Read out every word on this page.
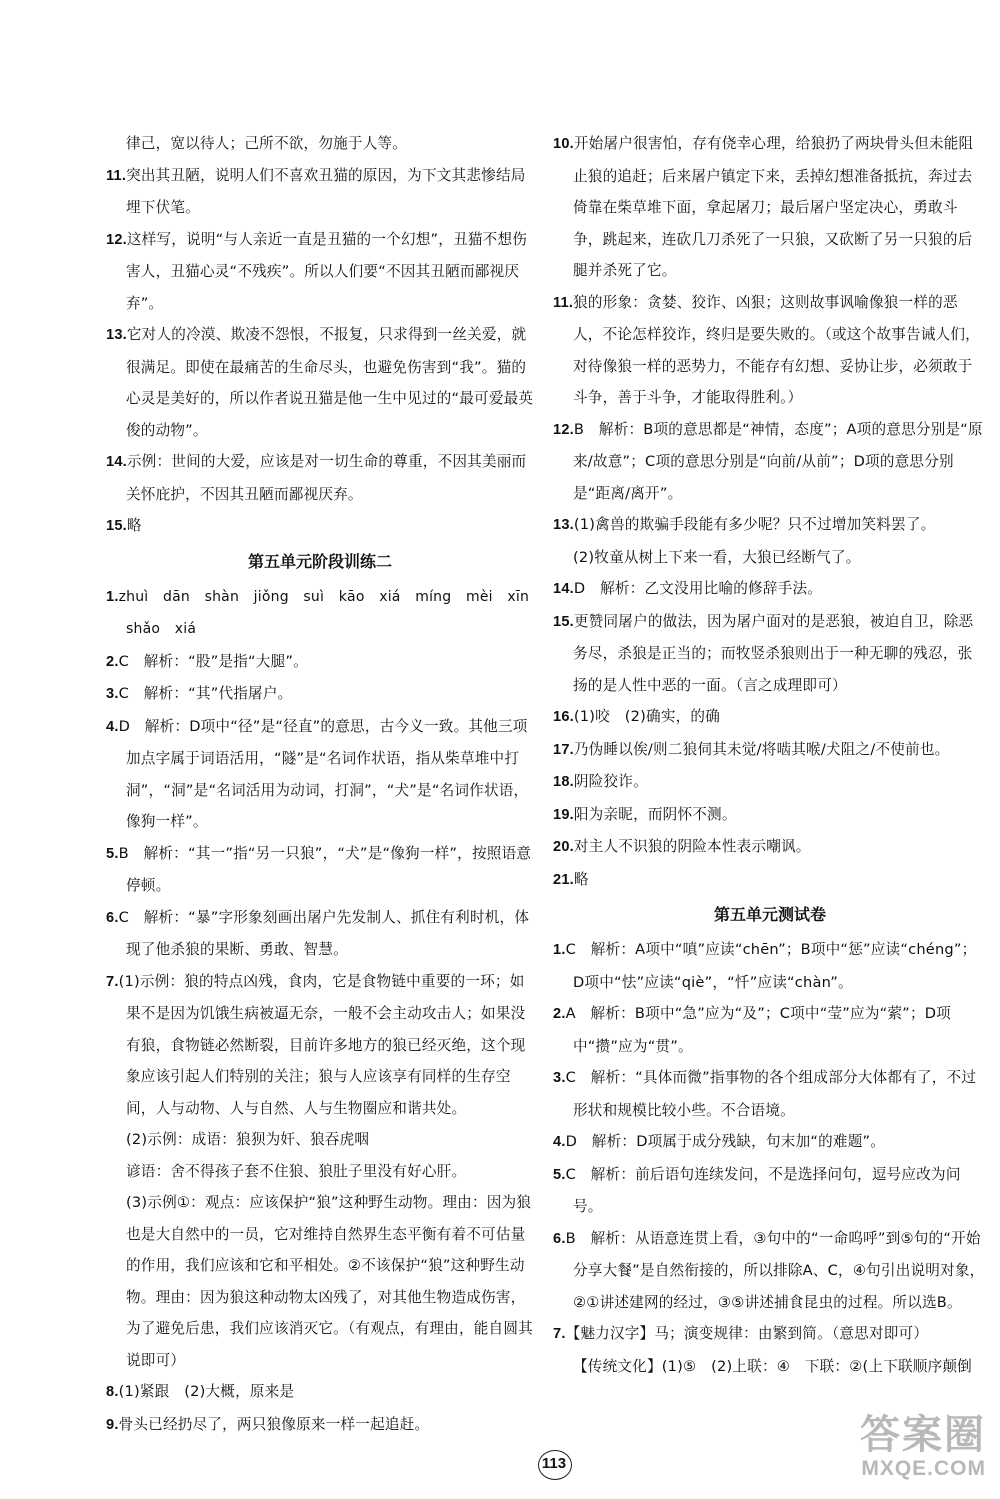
律己，宽以待人；己所不欲，勿施于人等。
11.突出其丑陋，说明人们不喜欢丑猫的原因，为下文其悲惨结局埋下伏笔。
12.这样写，说明“与人亲近一直是丑猫的一个幻想”，丑猫不想伤害人，丑猫心灵“不残疾”。所以人们要“不因其丑陋而鄙视厌弃”。
13.它对人的冷漠、欺凌不怨恨，不报复，只求得到一丝关爱，就很满足。即使在最痛苦的生命尽头，也避免伤害到“我”。猫的心灵是美好的，所以作者说丑猫是他一生中见过的“最可爱最英俊的动物”。
14.示例：世间的大爱，应该是对一切生命的尊重，不因其美丽而关怀庇护，不因其丑陋而鄙视厌弃。
15.略
第五单元阶段训练二
1.zhuì dān shàn jiǒng suì kāo xiá míng mèi xīn shǎo xiá
2.C　解析：“股”是指“大腿”。
3.C　解析：“其”代指屠户。
4.D　解析：D项中“径”是“径直”的意思，古今义一致。其他三项加点字属于词语活用，“隧”是“名词作状语，指从柴草堆中打洞”，“洞”是“名词活用为动词，打洞”，“犬”是“名词作状语，像狗一样”。
5.B　解析：“其一”指“另一只狼”，“犬”是“像狗一样”，按照语意停顿。
6.C　解析：“暴”字形象刻画出屠户先发制人、抓住有利时机，体现了他杀狼的果断、勇敢、智慧。
7.(1)示例：狼的特点凶残，食肉，它是食物链中重要的一环；如果不是因为饥饿生病被逼无奈，一般不会主动攻击人；如果没有狼，食物链必然断裂，目前许多地方的狼已经灭绝，这个现象应该引起人们特别的关注；狼与人应该享有同样的生存空间，人与动物、人与自然、人与生物圈应和谐共处。
(2)示例：成语：狼狈为奸、狼吞虎咽
谚语：舍不得孩子套不住狼、狼肚子里没有好心肝。
(3)示例①：观点：应该保护“狼”这种野生动物。理由：因为狼也是大自然中的一员，它对维持自然界生态平衡有着不可估量的作用，我们应该和它和平相处。②不该保护“狼”这种野生动物。理由：因为狼这种动物太凶残了，对其他生物造成伤害，为了避免后患，我们应该消灭它。（有观点，有理由，能自圆其说即可）
8.(1)紧跟　(2)大概，原来是
9.骨头已经扔尽了，两只狼像原来一样一起追赶。
10.开始屠户很害怕，存有侥幸心理，给狼扔了两块骨头但未能阻止狼的追赶；后来屠户镇定下来，丢掉幻想准备抵抗，奔过去倚靠在柴草堆下面，拿起屠刀；最后屠户坚定决心，勇敢斗争，跳起来，连砍几刀杀死了一只狼，又砍断了另一只狼的后腿并杀死了它。
11.狼的形象：贪婪、狡诈、凶狠；这则故事讽喻像狼一样的恶人，不论怎样狡诈，终归是要失败的。（或这个故事告诫人们，对待像狼一样的恶势力，不能存有幻想、妥协让步，必须敢于斗争，善于斗争，才能取得胜利。）
12.B　解析：B项的意思都是“神情，态度”；A项的意思分别是“原来/故意”；C项的意思分别是“向前/从前”；D项的意思分别是“距离/离开”。
13.(1)禽兽的欺骗手段能有多少呢？只不过增加笑料罢了。
(2)牧童从树上下来一看，大狼已经断气了。
14.D　解析：乙文没用比喻的修辞手法。
15.更赞同屠户的做法，因为屠户面对的是恶狼，被迫自卫，除恶务尽，杀狼是正当的；而牧竖杀狼则出于一种无聊的残忍，张扬的是人性中恶的一面。（言之成理即可）
16.(1)咬　(2)确实，的确
17.乃伪睡以俟/则二狼伺其未觉/将啮其喉/犬阻之/不使前也。
18.阴险狡诈。
19.阳为亲昵，而阴怀不测。
20.对主人不识狼的阴险本性表示嘲讽。
21.略
第五单元测试卷
1.C　解析：A项中“嗔”应读“chēn”；B项中“惩”应读“chéng”；D项中“怯”应读“qiè”，“忏”应读“chàn”。
2.A　解析：B项中“急”应为“及”；C项中“莹”应为“萦”；D项中“攒”应为“贯”。
3.C　解析：“具体而微”指事物的各个组成部分大体都有了，不过形状和规模比较小些。不合语境。
4.D　解析：D项属于成分残缺，句末加“的难题”。
5.C　解析：前后语句连续发问，不是选择问句，逗号应改为问号。
6.B　解析：从语意连贯上看，③句中的“一命呜呼”到⑤句的“开始分享大餐”是自然衔接的，所以排除A、C，④句引出说明对象，②①讲述建网的经过，③⑤讲述捕食昆虫的过程。所以选B。
7.【魅力汉字】马；演变规律：由繁到简。（意思对即可）
【传统文化】(1)⑤　(2)上联：④　下联：②(上下联顺序颠倒
113
答案圈
MXQE.COM
